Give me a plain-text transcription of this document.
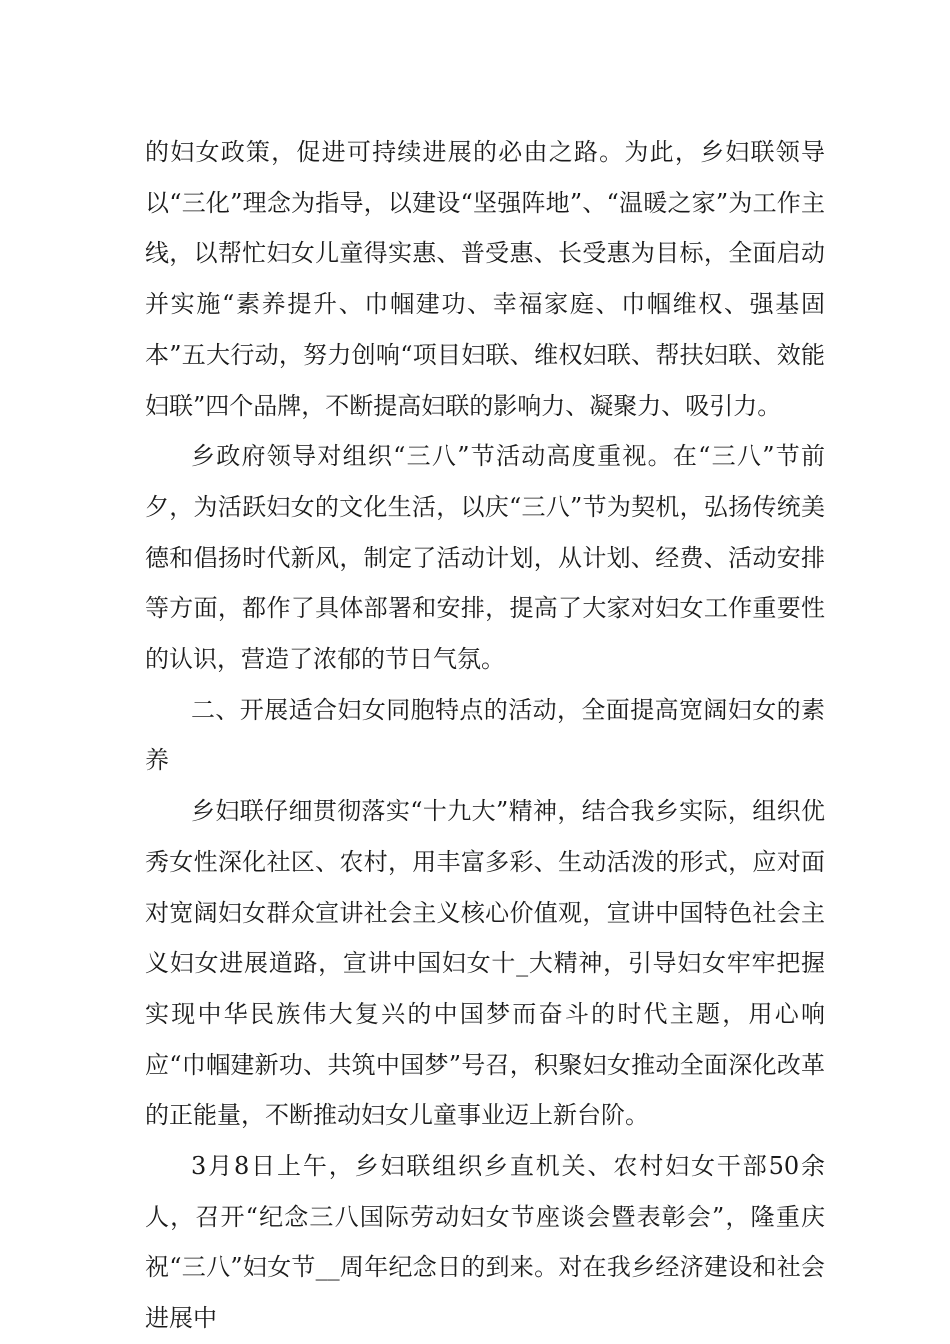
的妇女政策，促进可持续进展的必由之路。为此，乡妇联领导以“三化”理念为指导，以建设“坚强阵地”、“温暖之家”为工作主线，以帮忙妇女儿童得实惠、普受惠、长受惠为目标，全面启动并实施“素养提升、巾帼建功、幸福家庭、巾帼维权、强基固本”五大行动，努力创响“项目妇联、维权妇联、帮扶妇联、效能妇联”四个品牌，不断提高妇联的影响力、凝聚力、吸引力。

乡政府领导对组织“三八”节活动高度重视。在“三八”节前夕，为活跃妇女的文化生活，以庆“三八”节为契机，弘扬传统美德和倡扬时代新风，制定了活动计划，从计划、经费、活动安排等方面，都作了具体部署和安排，提高了大家对妇女工作重要性的认识，营造了浓郁的节日气氛。

二、开展适合妇女同胞特点的活动，全面提高宽阔妇女的素养

乡妇联仔细贯彻落实“十九大”精神，结合我乡实际，组织优秀女性深化社区、农村，用丰富多彩、生动活泼的形式，应对面对宽阔妇女群众宣讲社会主义核心价值观，宣讲中国特色社会主义妇女进展道路，宣讲中国妇女十_大精神，引导妇女牢牢把握实现中华民族伟大复兴的中国梦而奋斗的时代主题，用心响应“巾帼建新功、共筑中国梦”号召，积聚妇女推动全面深化改革的正能量，不断推动妇女儿童事业迈上新台阶。

3月8日上午，乡妇联组织乡直机关、农村妇女干部50余人，召开“纪念三八国际劳动妇女节座谈会暨表彰会”，隆重庆祝“三八”妇女节__周年纪念日的到来。对在我乡经济建设和社会进展中
